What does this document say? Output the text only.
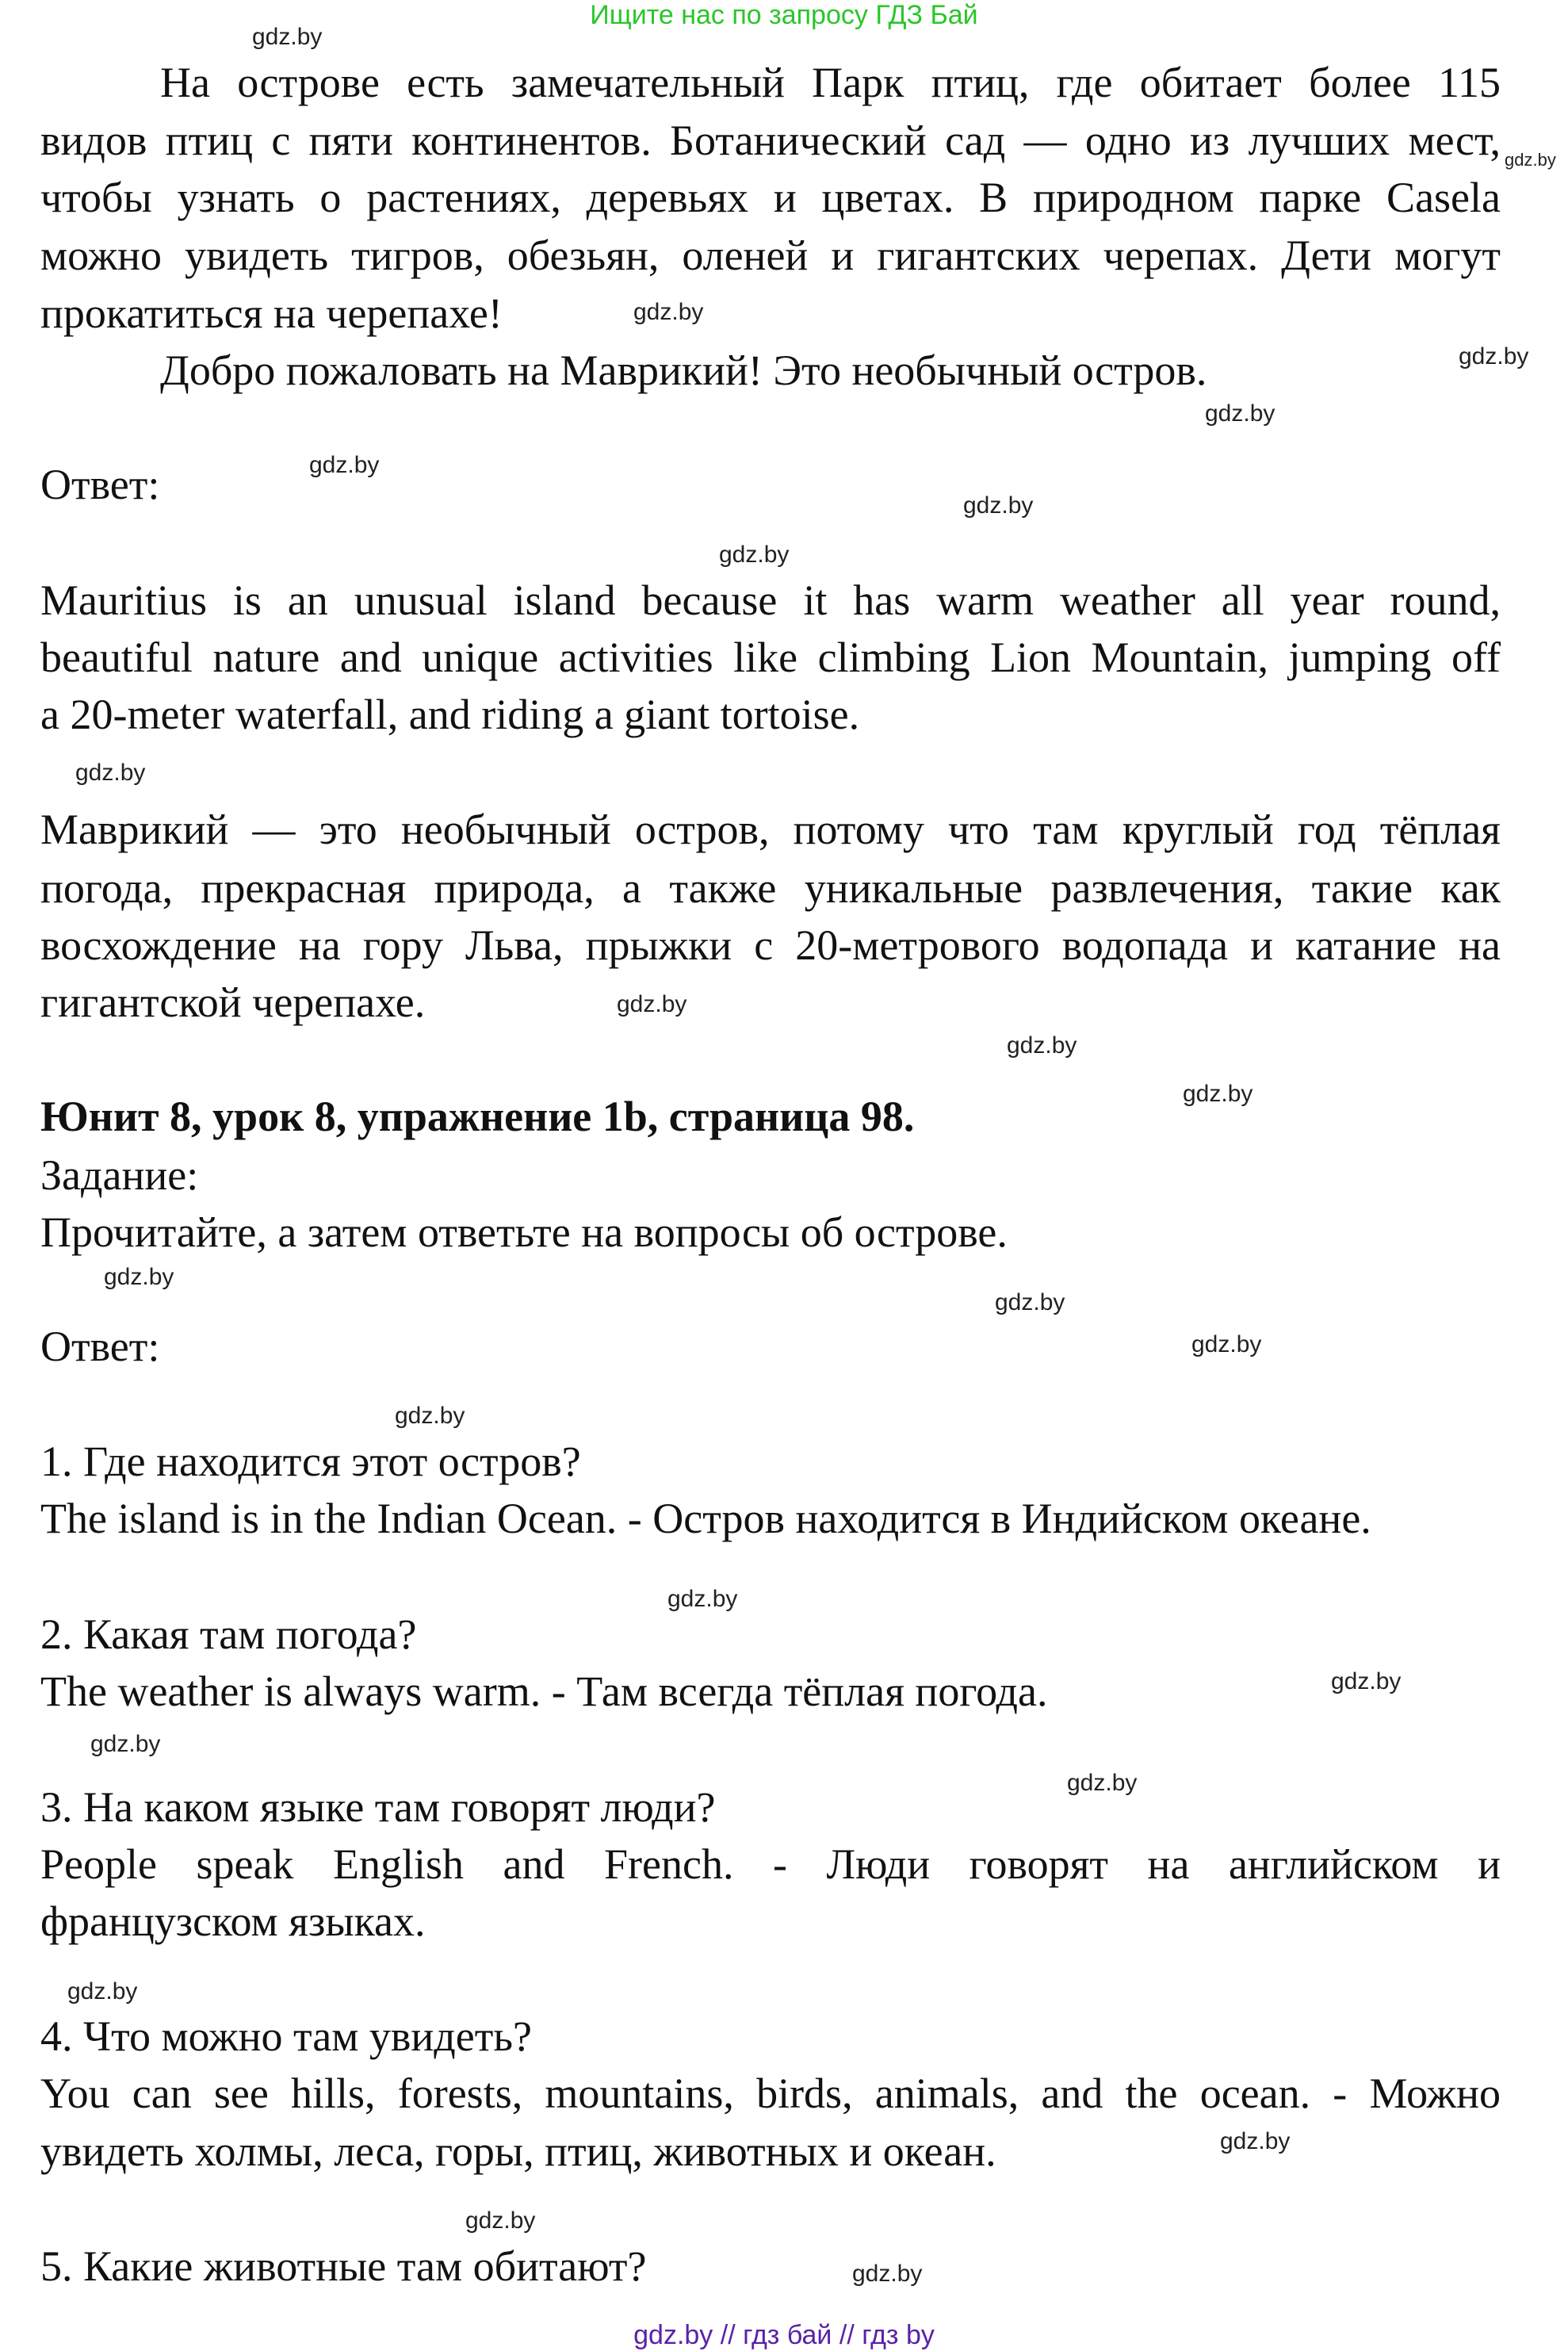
Ищите нас по запросу ГДЗ Бай
На острове есть замечательный Парк птиц, где обитает более 115
видов птиц с пяти континентов. Ботанический сад — одно из лучших мест,
чтобы узнать о растениях, деревьях и цветах. В природном парке Casela
можно увидеть тигров, обезьян, оленей и гигантских черепах. Дети могут
прокатиться на черепахе!
Добро пожаловать на Маврикий! Это необычный остров.
Ответ:
Mauritius is an unusual island because it has warm weather all year round,
beautiful nature and unique activities like climbing Lion Mountain, jumping off
a 20-meter waterfall, and riding a giant tortoise.
Маврикий — это необычный остров, потому что там круглый год тёплая
погода, прекрасная природа, а также уникальные развлечения, такие как
восхождение на гору Льва, прыжки с 20-метрового водопада и катание на
гигантской черепахе.
Юнит 8, урок 8, упражнение 1b, страница 98.
Задание:
Прочитайте, а затем ответьте на вопросы об острове.
Ответ:
1. Где находится этот остров?
The island is in the Indian Ocean. - Остров находится в Индийском океане.
2. Какая там погода?
The weather is always warm. - Там всегда тёплая погода.
3. На каком языке там говорят люди?
People speak English and French. - Люди говорят на английском и
французском языках.
4. Что можно там увидеть?
You can see hills, forests, mountains, birds, animals, and the ocean. - Можно
увидеть холмы, леса, горы, птиц, животных и океан.
5. Какие животные там обитают?
gdz.by
gdz.by
gdz.by
gdz.by
gdz.by
gdz.by
gdz.by
gdz.by
gdz.by
gdz.by
gdz.by
gdz.by
gdz.by
gdz.by
gdz.by
gdz.by
gdz.by
gdz.by
gdz.by
gdz.by
gdz.by
gdz.by
gdz.by
gdz.by
gdz.by // гдз бай // гдз by
